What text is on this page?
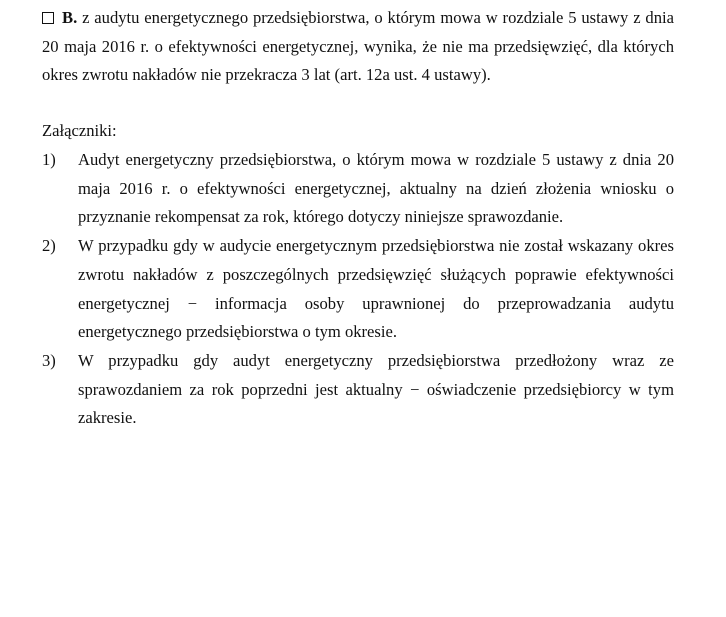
B. z audytu energetycznego przedsiębiorstwa, o którym mowa w rozdziale 5 ustawy z dnia 20 maja 2016 r. o efektywności energetycznej, wynika, że nie ma przedsięwzięć, dla których okres zwrotu nakładów nie przekracza 3 lat (art. 12a ust. 4 ustawy).
Załączniki:
1) Audyt energetyczny przedsiębiorstwa, o którym mowa w rozdziale 5 ustawy z dnia 20 maja 2016 r. o efektywności energetycznej, aktualny na dzień złożenia wniosku o przyznanie rekompensat za rok, którego dotyczy niniejsze sprawozdanie.
2) W przypadku gdy w audycie energetycznym przedsiębiorstwa nie został wskazany okres zwrotu nakładów z poszczególnych przedsięwzięć służących poprawie efektywności energetycznej − informacja osoby uprawnionej do przeprowadzania audytu energetycznego przedsiębiorstwa o tym okresie.
3) W przypadku gdy audyt energetyczny przedsiębiorstwa przedłożony wraz ze sprawozdaniem za rok poprzedni jest aktualny − oświadczenie przedsiębiorcy w tym zakresie.
